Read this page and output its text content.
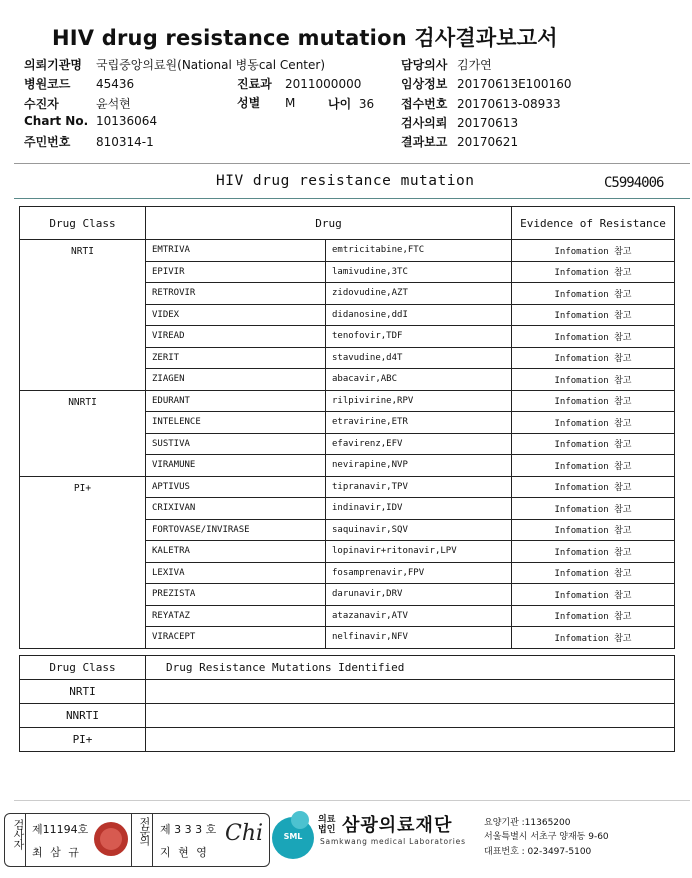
HIV drug resistance mutation 검사결과보고서
의뢰기관명 국립중앙의료원(National 병동cal Center)
병원코드 45436
수진자	윤석현
Chart No. 10136064
주민번호 810314-1
진료과 2011000000
성별 M
담당의사 김가연
임상정보 20170613E100160
접수번호 20170613-08933
검사의뢰 20170613
결과보고 20170621
나이 36
HIV drug resistance mutation	C5994006
Drug Class	Drug		Evidence of Resistance
NRTI	EMTRIVA	emtricitabine,FTC	Infomation 참고
	EPIVIR	lamivudine,3TC	Infomation 참고
	RETROVIR	zidovudine,AZT	Infomation 참고
	VIDEX	didanosine,ddI	Infomation 참고
	VIREAD	tenofovir,TDF	Infomation 참고
	ZERIT	stavudine,d4T	Infomation 참고
	ZIAGEN	abacavir,ABC	Infomation 참고
NNRTI	EDURANT	rilpivirine,RPV	Infomation 참고
	INTELENCE	etravirine,ETR	Infomation 참고
	SUSTIVA	efavirenz,EFV	Infomation 참고
	VIRAMUNE	nevirapine,NVP	Infomation 참고
PI+	APTIVUS	tipranavir,TPV	Infomation 참고
	CRIXIVAN	indinavir,IDV	Infomation 참고
	FORTOVASE/INVIRASE	saquinavir,SQV	Infomation 참고
	KALETRA	lopinavir+ritonavir,LPV	Infomation 참고
	LEXIVA	fosamprenavir,FPV	Infomation 참고
	PREZISTA	darunavir,DRV	Infomation 참고
	REYATAZ	atazanavir,ATV	Infomation 참고
	VIRACEPT	nelfinavir,NFV	Infomation 참고
Drug Class	Drug Resistance Mutations Identified
NRTI	
NNRTI	
PI+	
검사자 제11194호
최 삼 규
전문의 제 3 3 3 호
지 현 영
Chi	SML
의료
법인 삼광의료재단
Samkwang medical Laboratories
요양기관 :11365200
서울특별시 서초구 양재동 9-60
대표번호 : 02-3497-5100
